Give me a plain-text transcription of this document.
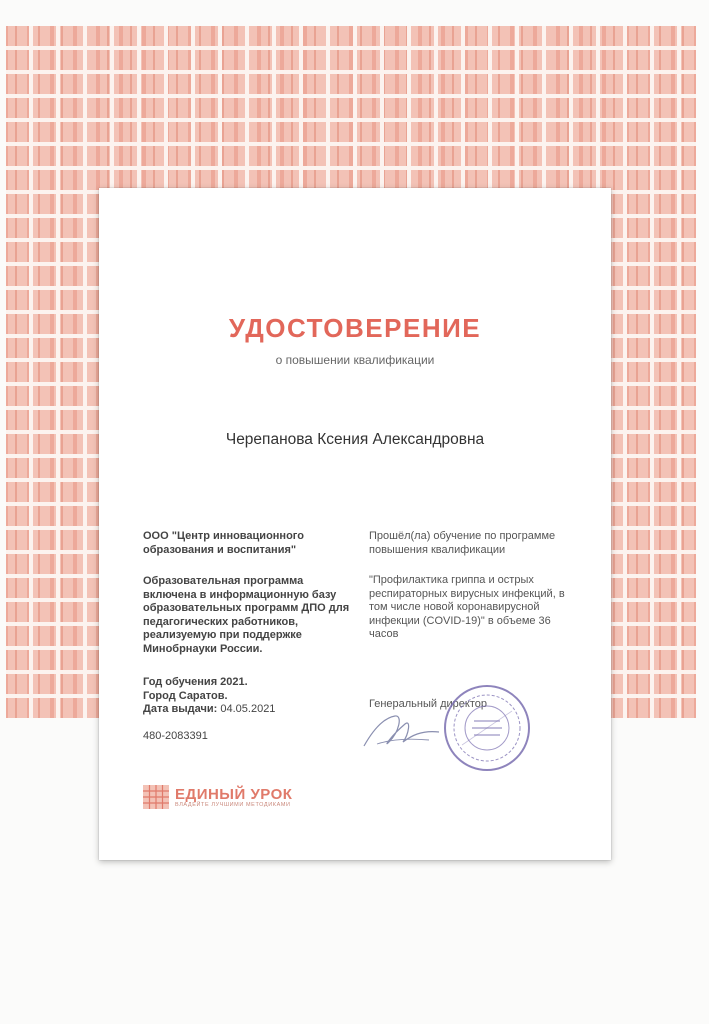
УДОСТОВЕРЕНИЕ
о повышении квалификации
Черепанова Ксения Александровна

ООО "Центр инновационного образования и воспитания"

Образовательная программа включена в информационную базу образовательных программ ДПО для педагогических работников, реализуемую при поддержке Минобрнауки России.

Год обучения 2021.

Город Саратов.

Дата выдачи: 04.05.2021

480-2083391

Прошёл(ла) обучение по программе повышения квалификации

"Профилактика гриппа и острых респираторных вирусных инфекций, в том числе новой коронавирусной инфекции (COVID-19)" в объеме 36 часов

Генеральный директор
ЕДИНЫЙ УРОК
ВЛАДЕЙТЕ ЛУЧШИМИ МЕТОДИКАМИ
